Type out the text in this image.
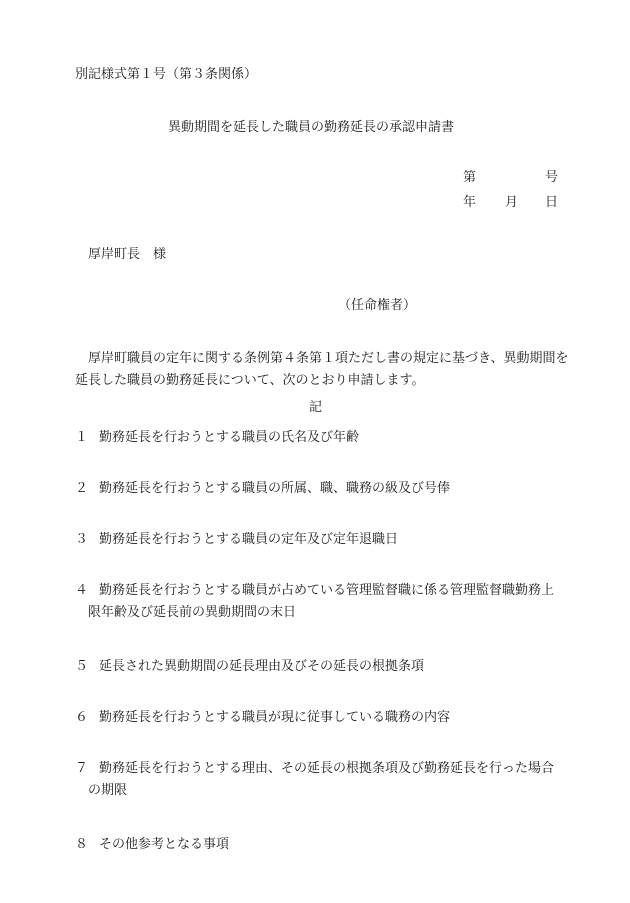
別記様式第１号（第３条関係）
異動期間を延長した職員の勤務延長の承認申請書
第	号
年 月 日
厚岸町長　様
（任命権者）
厚岸町職員の定年に関する条例第４条第１項ただし書の規定に基づき、異動期間を延長した職員の勤務延長について、次のとおり申請します。
記
１ 勤務延長を行おうとする職員の氏名及び年齢
２ 勤務延長を行おうとする職員の所属、職、職務の級及び号俸
３ 勤務延長を行おうとする職員の定年及び定年退職日
４ 勤務延長を行おうとする職員が占めている管理監督職に係る管理監督職勤務上
限年齢及び延長前の異動期間の末日
５ 延長された異動期間の延長理由及びその延長の根拠条項
６ 勤務延長を行おうとする職員が現に従事している職務の内容
７ 勤務延長を行おうとする理由、その延長の根拠条項及び勤務延長を行った場合
の期限
８ その他参考となる事項
